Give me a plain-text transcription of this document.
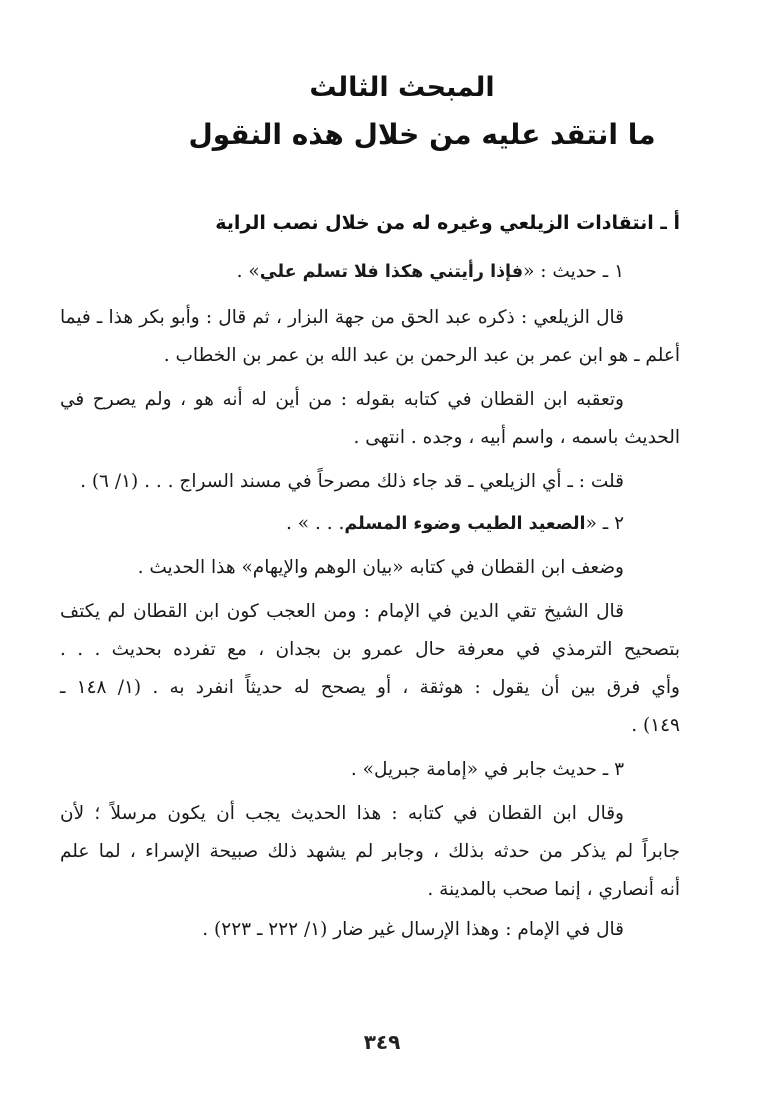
المبحث الثالث
ما انتقد عليه من خلال هذه النقول
أ ـ انتقادات الزيلعي وغيره له من خلال نصب الراية
١ ـ حديث : «فإذا رأيتني هكذا فلا تسلم علي» .
قال الزيلعي : ذكره عبد الحق من جهة البزار ، ثم قال : وأبو بكر هذا ـ فيما
أعلم ـ هو ابن عمر بن عبد الرحمن بن عبد الله بن عمر بن الخطاب .
وتعقبه ابن القطان في كتابه بقوله : من أين له أنه هو ، ولم يصرح في
الحديث باسمه ، واسم أبيه ، وجده . انتهى .
قلت : ـ أي الزيلعي ـ قد جاء ذلك مصرحاً في مسند السراج . . . (١/ ٦) .
٢ ـ «الصعيد الطيب وضوء المسلم. . . » .
وضعف ابن القطان في كتابه «بيان الوهم والإيهام» هذا الحديث .
قال الشيخ تقي الدين في الإمام : ومن العجب كون ابن القطان لم يكتف
بتصحيح الترمذي في معرفة حال عمرو بن بجدان ، مع تفرده بحديث . . .
وأي فرق بين أن يقول : هوثقة ، أو يصحح له حديثاً انفرد به . (١/ ١٤٨ ـ
١٤٩) .
٣ ـ حديث جابر في «إمامة جبريل» .
وقال ابن القطان في كتابه : هذا الحديث يجب أن يكون مرسلاً ؛ لأن
جابراً لم يذكر من حدثه بذلك ، وجابر لم يشهد ذلك صبيحة الإسراء ، لما علم
أنه أنصاري ، إنما صحب بالمدينة .
قال في الإمام : وهذا الإرسال غير ضار (١/ ٢٢٢ ـ ٢٢٣) .
٣٤٩
